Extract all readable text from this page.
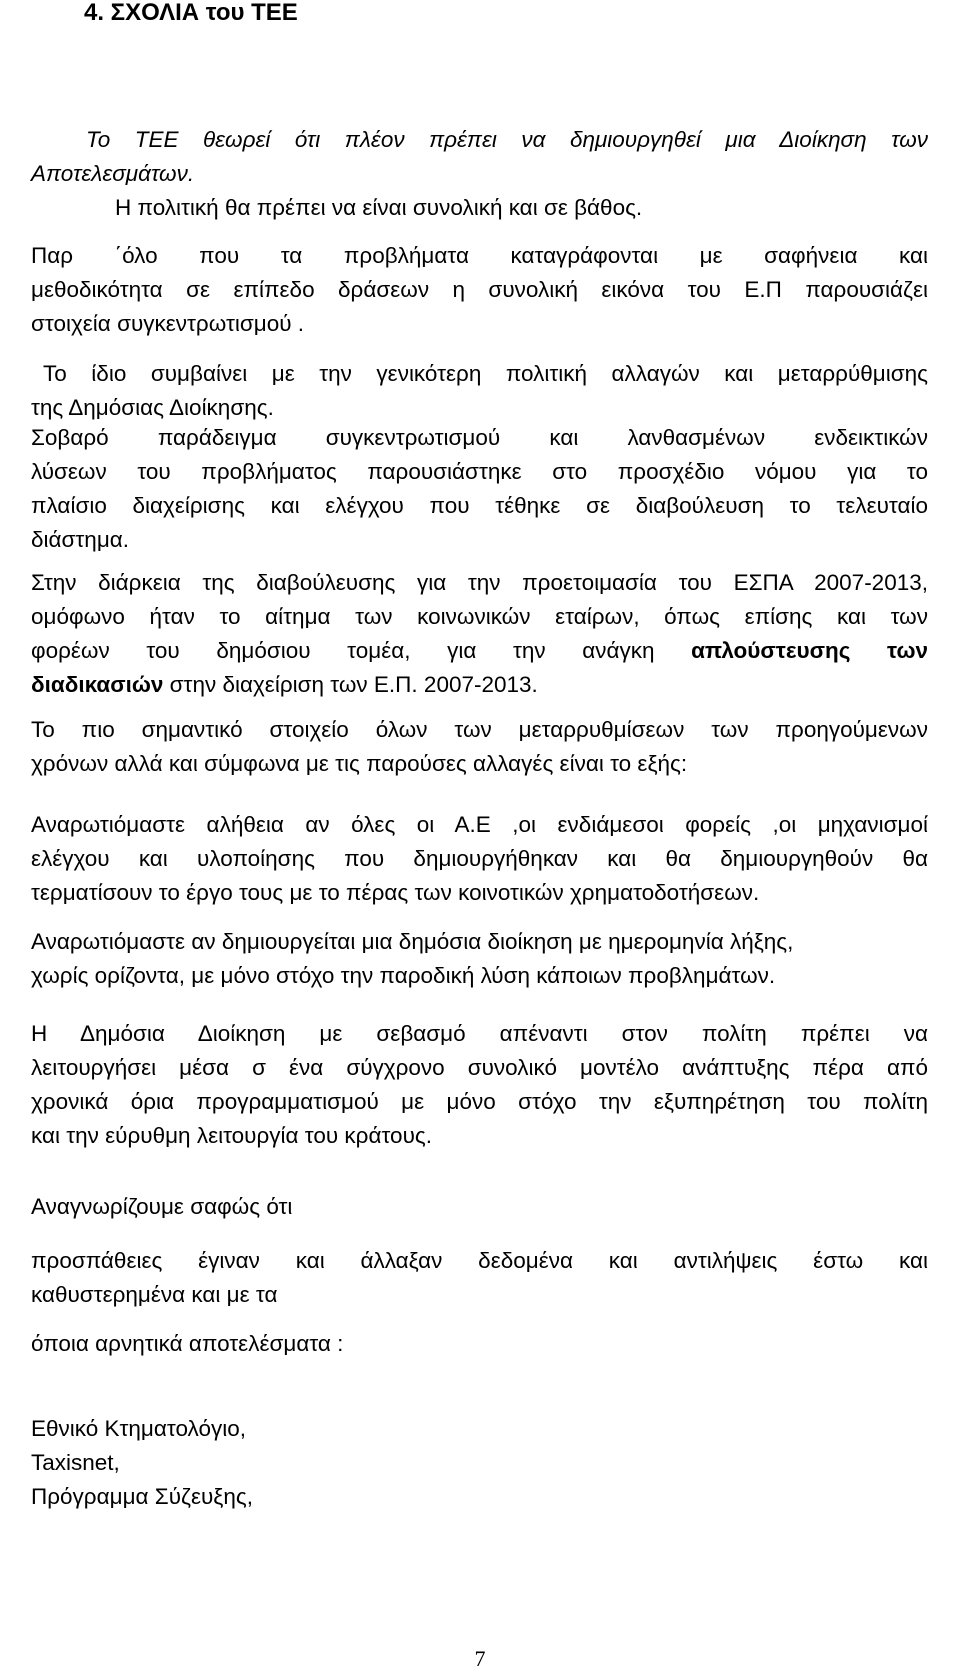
4. ΣΧΟΛΙΑ του ΤΕΕ
Το ΤΕΕ θεωρεί ότι πλέον πρέπει να δημιουργηθεί μια Διοίκηση των
Αποτελεσμάτων.
Η πολιτική θα πρέπει να είναι συνολική και σε βάθος.
Παρ ΄όλο που τα προβλήματα καταγράφονται με σαφήνεια και
μεθοδικότητα σε επίπεδο δράσεων η συνολική εικόνα του Ε.Π παρουσιάζει
στοιχεία συγκεντρωτισμού .
Το ίδιο συμβαίνει με την γενικότερη πολιτική αλλαγών και μεταρρύθμισης
της Δημόσιας Διοίκησης.
Σοβαρό παράδειγμα συγκεντρωτισμού και λανθασμένων ενδεικτικών
λύσεων του προβλήματος παρουσιάστηκε στο προσχέδιο νόμου για το
πλαίσιο διαχείρισης και ελέγχου που τέθηκε σε διαβούλευση το τελευταίο
διάστημα.
Στην διάρκεια της διαβούλευσης για την προετοιμασία του ΕΣΠΑ 2007-2013,
ομόφωνο ήταν το αίτημα των κοινωνικών εταίρων, όπως επίσης και των
φορέων του δημόσιου τομέα, για την ανάγκη απλούστευσης των
διαδικασιών στην διαχείριση των Ε.Π. 2007-2013.
Το πιο σημαντικό στοιχείο όλων των μεταρρυθμίσεων των προηγούμενων
χρόνων αλλά και σύμφωνα με τις παρούσες αλλαγές είναι το εξής:
Αναρωτιόμαστε αλήθεια αν όλες οι Α.Ε ,οι ενδιάμεσοι φορείς ,οι μηχανισμοί
ελέγχου και υλοποίησης που δημιουργήθηκαν και θα δημιουργηθούν θα
τερματίσουν το έργο τους με το πέρας των κοινοτικών χρηματοδοτήσεων.
Αναρωτιόμαστε αν δημιουργείται μια δημόσια διοίκηση με ημερομηνία λήξης,
χωρίς ορίζοντα, με μόνο στόχο την παροδική λύση κάποιων προβλημάτων.
Η Δημόσια Διοίκηση με σεβασμό απέναντι στον πολίτη πρέπει να
λειτουργήσει μέσα σ ένα σύγχρονο συνολικό μοντέλο ανάπτυξης πέρα από
χρονικά όρια προγραμματισμού με μόνο στόχο την εξυπηρέτηση του πολίτη
και την εύρυθμη λειτουργία του κράτους.
Αναγνωρίζουμε σαφώς ότι
προσπάθειες έγιναν και άλλαξαν δεδομένα και αντιλήψεις έστω και
καθυστερημένα και με τα
όποια αρνητικά αποτελέσματα :
Εθνικό Κτηματολόγιο,
Taxisnet,
Πρόγραμμα Σύζευξης,
7
